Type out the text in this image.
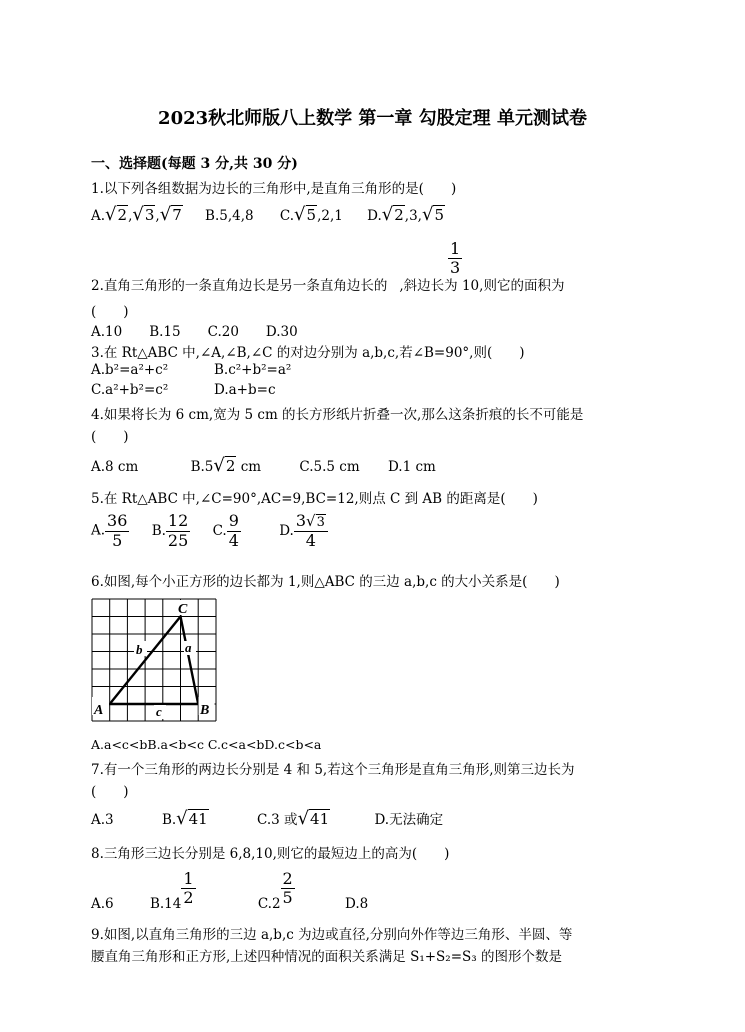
2023秋北师版八上数学 第一章 勾股定理 单元测试卷
一、选择题(每题 3 分,共 30 分)
1.以下列各组数据为边长的三角形中,是直角三角形的是(　　)
A.√2,√3,√7 B.5,4,8 C.√5,2,1 D.√2,3,√5
$\frac{1}{3}$
2.直角三角形的一条直角边长是另一条直角边长的 ,斜边长为 10,则它的面积为
(　　)
A.10　　B.15　　C.20　　D.30
3.在 Rt△ABC 中,∠A,∠B,∠C 的对边分别为 a,b,c,若∠B=90°,则(　　)
A.b²=a²+c²	B.c²+b²=a²
C.a²+b²=c²	D.a+b=c
4.如果将长为 6 cm,宽为 5 cm 的长方形纸片折叠一次,那么这条折痕的长不可能是
(　　)
A.8 cm	B.5√2 cm	C.5.5 cm D.1 cm
5.在 Rt△ABC 中,∠C=90°,AC=9,BC=12,则点 C 到 AB 的距离是(　　)
A. $\frac{36}{5} B$. $\frac{12}{25} C$. $\frac{9}{4}$	D. $\frac{3√3}{4}$
6.如图,每个小正方形的边长都为 1,则△ABC 的三边 a,b,c 的大小关系是(　　)
A	B
C
a
b
c
A.a<c<bB.a<b<c C.c<a<bD.c<b<a
7.有一个三角形的两边长分别是 4 和 5,若这个三角形是直角三角形,则第三边长为
(　　)
A.3	B.√41	C.3 或√41	D.无法确定
8.三角形三边长分别是 6,8,10,则它的最短边上的高为(　　)
A.6	$B.14 \frac{1}{2}$	$C.2 \frac{2}{5}$	D.8
9.如图,以直角三角形的三边 a,b,c 为边或直径,分别向外作等边三角形、半圆、等
腰直角三角形和正方形,上述四种情况的面积关系满足 S₁+S₂=S₃ 的图形个数是
